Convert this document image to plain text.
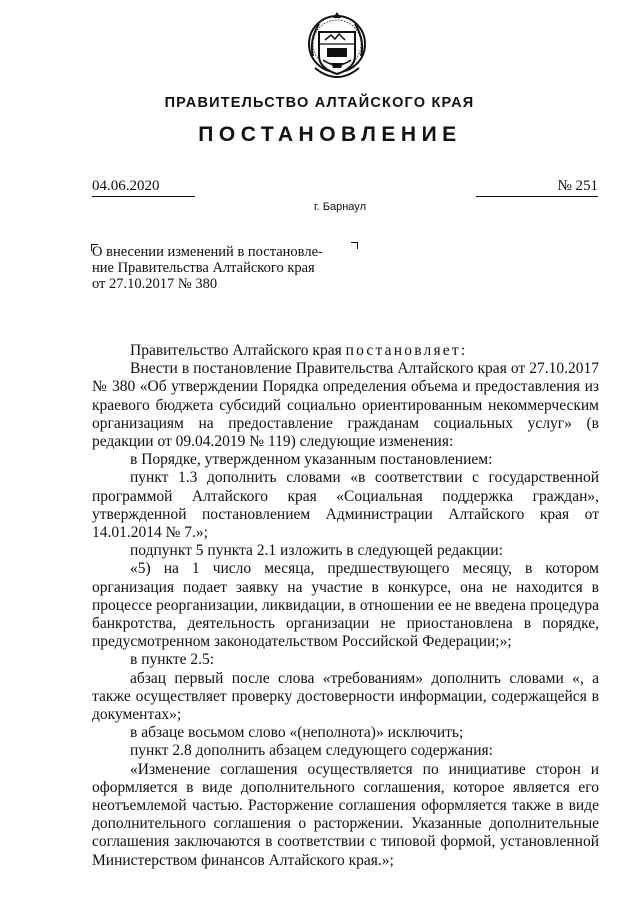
ПРАВИТЕЛЬСТВО АЛТАЙСКОГО КРАЯ
ПОСТАНОВЛЕНИЕ
04.06.2020	№ 251
г. Барнаул
О внесении изменений в постановле-
ние Правительства Алтайского края
от 27.10.2017 № 380

Правительство Алтайского края постановляет:

Внести в постановление Правительства Алтайского края от 27.10.2017 № 380 «Об утверждении Порядка определения объема и предоставления из краевого бюджета субсидий социально ориентированным некоммерческим организациям на предоставление гражданам социальных услуг» (в редакции от 09.04.2019 № 119) следующие изменения:

в Порядке, утвержденном указанным постановлением:

пункт 1.3 дополнить словами «в соответствии с государственной программой Алтайского края «Социальная поддержка граждан», утвержденной постановлением Администрации Алтайского края от 14.01.2014 № 7.»;

подпункт 5 пункта 2.1 изложить в следующей редакции:

«5) на 1 число месяца, предшествующего месяцу, в котором организация подает заявку на участие в конкурсе, она не находится в процессе реорганизации, ликвидации, в отношении ее не введена процедура банкротства, деятельность организации не приостановлена в порядке, предусмотренном законодательством Российской Федерации;»;

в пункте 2.5:

абзац первый после слова «требованиям» дополнить словами «, а также осуществляет проверку достоверности информации, содержащейся в документах»;

в абзаце восьмом слово «(неполнота)» исключить;

пункт 2.8 дополнить абзацем следующего содержания:

«Изменение соглашения осуществляется по инициативе сторон и оформляется в виде дополнительного соглашения, которое является его неотъемлемой частью. Расторжение соглашения оформляется также в виде дополнительного соглашения о расторжении. Указанные дополнительные соглашения заключаются в соответствии с типовой формой, установленной Министерством финансов Алтайского края.»;
